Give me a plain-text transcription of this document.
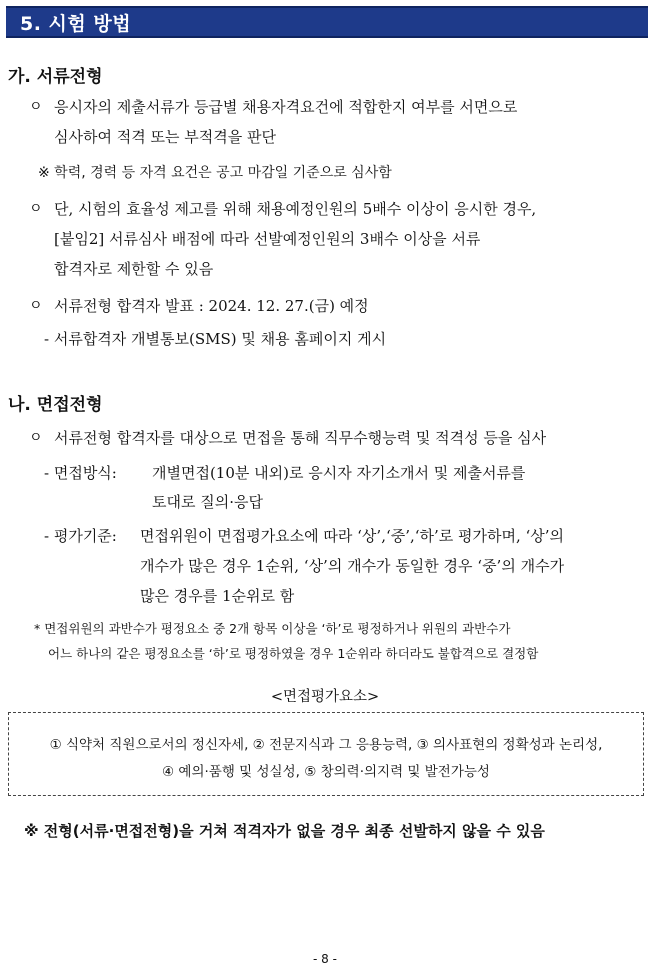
5. 시험 방법
가. 서류전형
ㅇ 응시자의 제출서류가 등급별 채용자격요건에 적합한지 여부를 서면으로
심사하여 적격 또는 부적격을 판단
※ 학력, 경력 등 자격 요건은 공고 마감일 기준으로 심사함
ㅇ 단, 시험의 효율성 제고를 위해 채용예정인원의 5배수 이상이 응시한 경우,
[붙임2] 서류심사 배점에 따라 선발예정인원의 3배수 이상을 서류
합격자로 제한할 수 있음
ㅇ 서류전형 합격자 발표 : 2024. 12. 27.(금) 예정
- 서류합격자 개별통보(SMS) 및 채용 홈페이지 게시
나. 면접전형
ㅇ 서류전형 합격자를 대상으로 면접을 통해 직무수행능력 및 적격성 등을 심사
- 면접방식: 개별면접(10분 내외)로 응시자 자기소개서 및 제출서류를
토대로 질의·응답
- 평가기준: 면접위원이 면접평가요소에 따라 ‘상’,‘중’,‘하’로 평가하며, ‘상’의
개수가 많은 경우 1순위, ‘상’의 개수가 동일한 경우 ‘중’의 개수가
많은 경우를 1순위로 함
* 면접위원의 과반수가 평정요소 중 2개 항목 이상을 ‘하’로 평정하거나 위원의 과반수가
어느 하나의 같은 평정요소를 ‘하’로 평정하였을 경우 1순위라 하더라도 불합격으로 결정함
<면접평가요소>
① 식약처 직원으로서의 정신자세, ② 전문지식과 그 응용능력, ③ 의사표현의 정확성과 논리성,
④ 예의·품행 및 성실성, ⑤ 창의력·의지력 및 발전가능성
※ 전형(서류·면접전형)을 거쳐 적격자가 없을 경우 최종 선발하지 않을 수 있음
- 8 -
